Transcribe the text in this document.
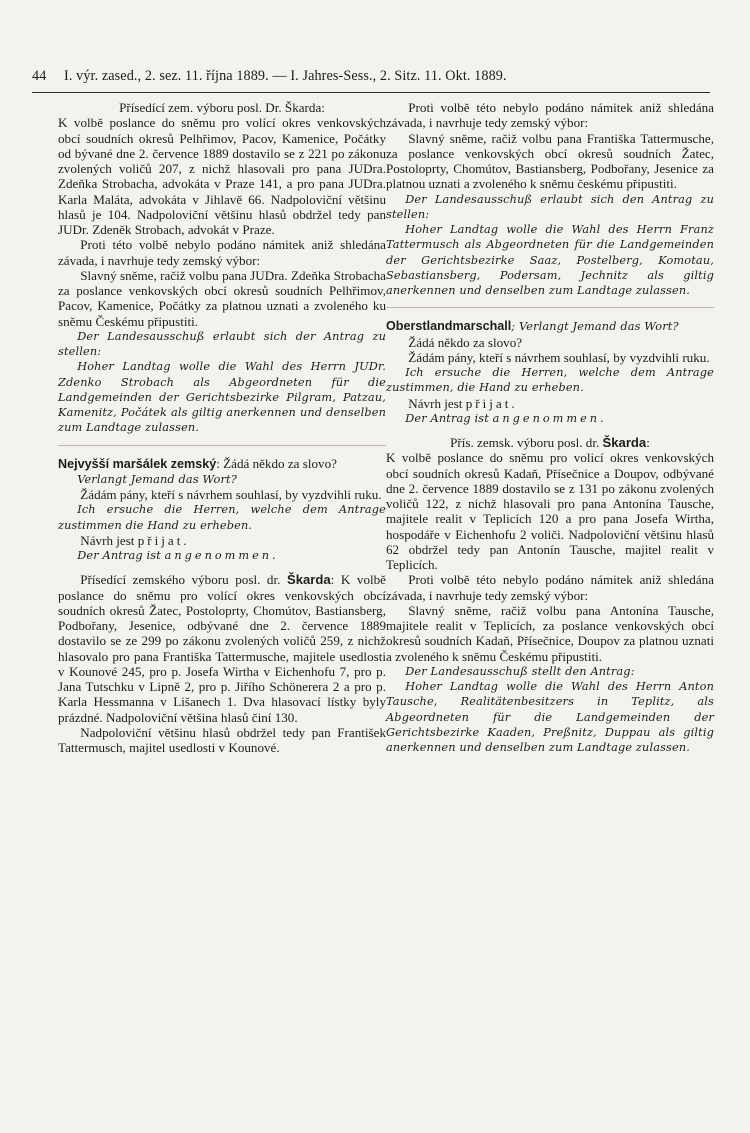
44 I. výr. zased., 2. sez. 11. října 1889. — I. Jahres-Sess., 2. Sitz. 11. Okt. 1889.

Přísedící zem. výboru posl. Dr. Škarda:

K volbě poslance do sněmu pro volící okres venkovských obcí soudních okresů Pelhřimov, Pacov, Kamenice, Počátky od bývané dne 2. července 1889 dostavilo se z 221 po zákonu zvolených voličů 207, z nichž hlasovali pro pana JUDra. Zdeňka Strobacha, advokáta v Praze 141, a pro pana JUDra. Karla Maláta, advokáta v Jihlavě 66. Nadpoloviční většinu hlasů je 104. Nadpoloviční většinu hlasů obdržel tedy pan JUDr. Zdeněk Strobach, advokát v Praze.

Proti této volbě nebylo podáno námitek aniž shledána závada, i navrhuje tedy zemský výbor:

Slavný sněme, račiž volbu pana JUDra. Zdeňka Strobacha za poslance venkovských obcí okresů soudních Pelhřimov, Pacov, Kamenice, Počátky za platnou uznati a zvoleného ku sněmu Českému připustiti.

Der Landesausschuß erlaubt sich der Antrag zu stellen:

Hoher Landtag wolle die Wahl des Herrn JUDr. Zdenko Strobach als Abgeordneten für die Landgemeinden der Gerichtsbezirke Pilgram, Patzau, Kamenitz, Počátek als giltig anerkennen und denselben zum Landtage zulassen.

Nejvyšší maršálek zemský: Žádá někdo za slovo?

Verlangt Jemand das Wort?

Žádám pány, kteří s návrhem souhlasí, by vyzdvihli ruku.

Ich ersuche die Herren, welche dem Antrage zustimmen die Hand zu erheben.

Návrh jest přijat.

Der Antrag ist angenommen.

Přísedící zemského výboru posl. dr. Škarda: K volbě poslance do sněmu pro volící okres venkovských obcí soudních okresů Žatec, Postoloprty, Chomútov, Bastiansberg, Podbořany, Jesenice, odbývané dne 2. července 1889 dostavilo se ze 299 po zákonu zvolených voličů 259, z nichž hlasovalo pro pana Františka Tattermusche, majitele usedlosti v Kounové 245, pro p. Josefa Wirtha v Eichenhofu 7, pro p. Jana Tutschku v Lipně 2, pro p. Jiřího Schönerera 2 a pro p. Karla Hessmanna v Lišanech 1. Dva hlasovací lístky byly prázdné. Nadpoloviční většina hlasů činí 130.

Nadpoloviční většinu hlasů obdržel tedy pan František Tattermusch, majitel usedlosti v Kounové.

Proti volbě této nebylo podáno námitek aniž shledána závada, i navrhuje tedy zemský výbor:

Slavný sněme, račiž volbu pana Františka Tattermusche, za poslance venkovských obcí okresů soudních Žatec, Postoloprty, Chomútov, Bastiansberg, Podbořany, Jesenice za platnou uznati a zvoleného k sněmu českému připustiti.

Der Landesausschuß erlaubt sich den Antrag zu stellen:

Hoher Landtag wolle die Wahl des Herrn Franz Tattermusch als Abgeordneten für die Landgemeinden der Gerichtsbezirke Saaz, Postelberg, Komotau, Sebastiansberg, Podersam, Jechnitz als giltig anerkennen und denselben zum Landtage zulassen.

Oberstlandmarschall; Verlangt Jemand das Wort?

Žádá někdo za slovo?

Žádám pány, kteří s návrhem souhlasí, by vyzdvihli ruku.

Ich ersuche die Herren, welche dem Antrage zustimmen, die Hand zu erheben.

Návrh jest přijat.

Der Antrag ist angenommen.

Přís. zemsk. výboru posl. dr. Škarda:

K volbě poslance do sněmu pro volicí okres venkovských obcí soudních okresů Kadaň, Přísečnice a Doupov, odbývané dne 2. července 1889 dostavilo se z 131 po zákonu zvolených voličů 122, z nichž hlasovali pro pana Antonína Tausche, majitele realit v Teplicích 120 a pro pana Josefa Wirtha, hospodáře v Eichenhofu 2 voliči. Nadpoloviční většinu hlasů 62 obdržel tedy pan Antonín Tausche, majitel realit v Teplicích.

Proti volbě této nebylo podáno námitek aniž shledána závada, i navrhuje tedy zemský výbor:

Slavný sněme, račiž volbu pana Antonína Tausche, majitele realit v Teplicích, za poslance venkovských obcí okresů soudních Kadaň, Přísečnice, Doupov za platnou uznati a zvoleného k sněmu Českému připustiti.

Der Landesausschuß stellt den Antrag:

Hoher Landtag wolle die Wahl des Herrn Anton Tausche, Realitätenbesitzers in Teplitz, als Abgeordneten für die Landgemeinden der Gerichtsbezirke Kaaden, Preßnitz, Duppau als giltig anerkennen und denselben zum Landtage zulassen.
